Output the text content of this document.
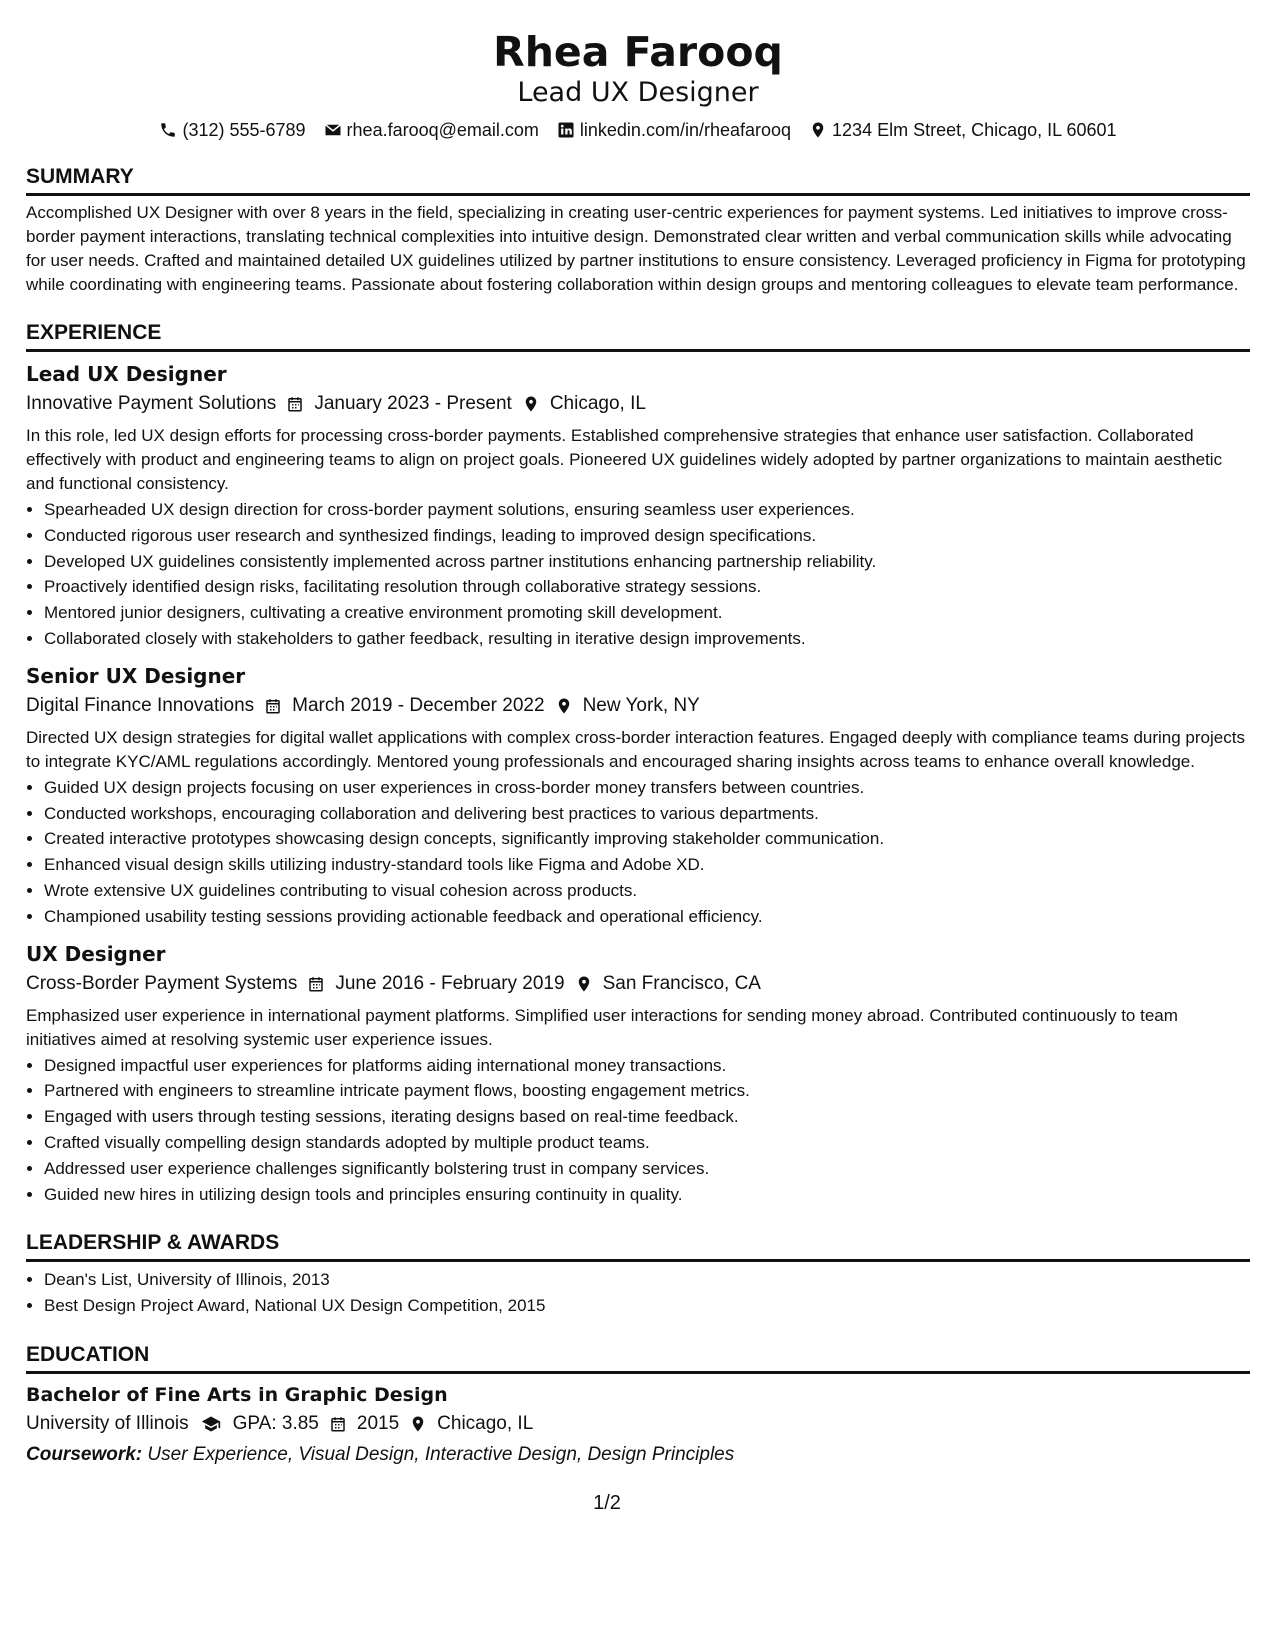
Rhea Farooq
Lead UX Designer
(312) 555-6789 rhea.farooq@email.com linkedin.com/in/rheafarooq 1234 Elm Street, Chicago, IL 60601
SUMMARY
Accomplished UX Designer with over 8 years in the field, specializing in creating user-centric experiences for payment systems. Led initiatives to improve cross-border payment interactions, translating technical complexities into intuitive design. Demonstrated clear written and verbal communication skills while advocating for user needs. Crafted and maintained detailed UX guidelines utilized by partner institutions to ensure consistency. Leveraged proficiency in Figma for prototyping while coordinating with engineering teams. Passionate about fostering collaboration within design groups and mentoring colleagues to elevate team performance.
EXPERIENCE
Lead UX Designer
Innovative Payment Solutions January 2023 - Present Chicago, IL
In this role, led UX design efforts for processing cross-border payments. Established comprehensive strategies that enhance user satisfaction. Collaborated effectively with product and engineering teams to align on project goals. Pioneered UX guidelines widely adopted by partner organizations to maintain aesthetic and functional consistency.
• Spearheaded UX design direction for cross-border payment solutions, ensuring seamless user experiences.
• Conducted rigorous user research and synthesized findings, leading to improved design specifications.
• Developed UX guidelines consistently implemented across partner institutions enhancing partnership reliability.
• Proactively identified design risks, facilitating resolution through collaborative strategy sessions.
• Mentored junior designers, cultivating a creative environment promoting skill development.
• Collaborated closely with stakeholders to gather feedback, resulting in iterative design improvements.
Senior UX Designer
Digital Finance Innovations March 2019 - December 2022 New York, NY
Directed UX design strategies for digital wallet applications with complex cross-border interaction features. Engaged deeply with compliance teams during projects to integrate KYC/AML regulations accordingly. Mentored young professionals and encouraged sharing insights across teams to enhance overall knowledge.
• Guided UX design projects focusing on user experiences in cross-border money transfers between countries.
• Conducted workshops, encouraging collaboration and delivering best practices to various departments.
• Created interactive prototypes showcasing design concepts, significantly improving stakeholder communication.
• Enhanced visual design skills utilizing industry-standard tools like Figma and Adobe XD.
• Wrote extensive UX guidelines contributing to visual cohesion across products.
• Championed usability testing sessions providing actionable feedback and operational efficiency.
UX Designer
Cross-Border Payment Systems June 2016 - February 2019 San Francisco, CA
Emphasized user experience in international payment platforms. Simplified user interactions for sending money abroad. Contributed continuously to team initiatives aimed at resolving systemic user experience issues.
• Designed impactful user experiences for platforms aiding international money transactions.
• Partnered with engineers to streamline intricate payment flows, boosting engagement metrics.
• Engaged with users through testing sessions, iterating designs based on real-time feedback.
• Crafted visually compelling design standards adopted by multiple product teams.
• Addressed user experience challenges significantly bolstering trust in company services.
• Guided new hires in utilizing design tools and principles ensuring continuity in quality.
LEADERSHIP & AWARDS
• Dean's List, University of Illinois, 2013
• Best Design Project Award, National UX Design Competition, 2015
EDUCATION
Bachelor of Fine Arts in Graphic Design
University of Illinois GPA: 3.85 2015 Chicago, IL
Coursework: User Experience, Visual Design, Interactive Design, Design Principles
1/2
